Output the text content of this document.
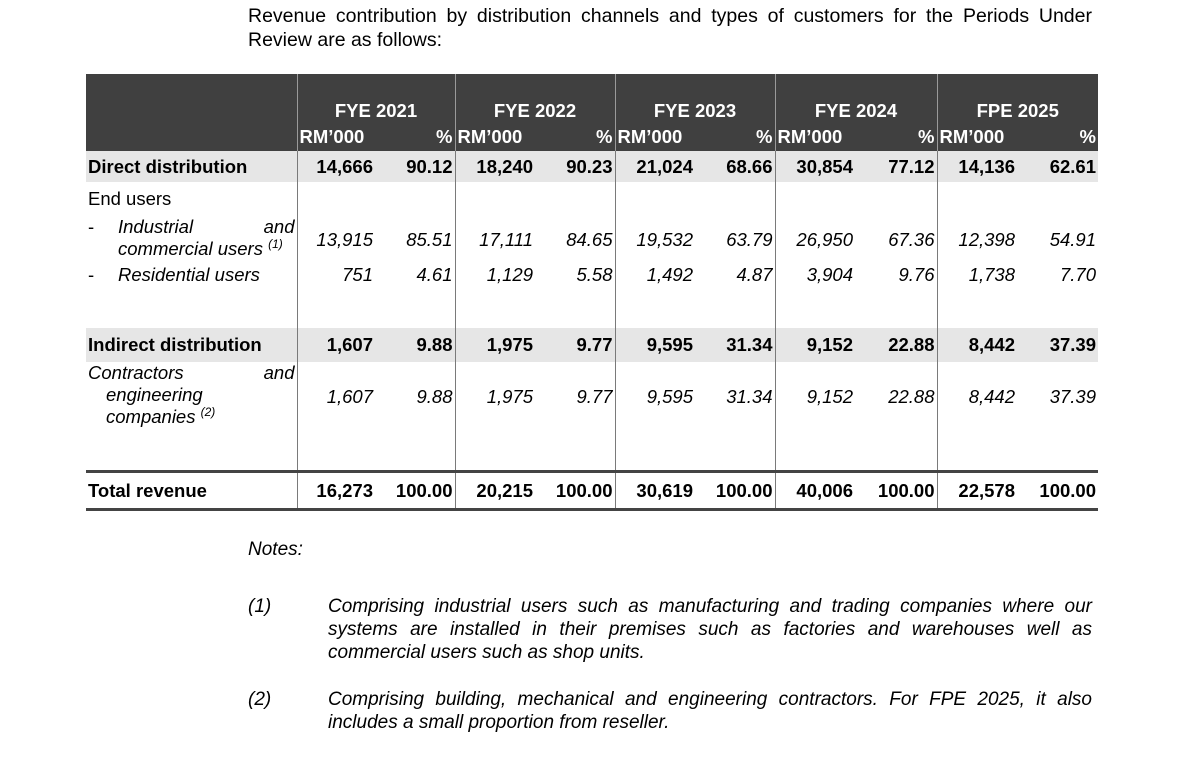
Revenue contribution by distribution channels and types of customers for the Periods Under Review are as follows:

	FYE 2021		FYE 2022		FYE 2023		FYE 2024		FPE 2025	
	RM’000	%	RM’000	%	RM’000	%	RM’000	%	RM’000	%
Direct distribution	14,666	90.12	18,240	90.23	21,024	68.66	30,854	77.12	14,136	62.61
End users										

- Industrial and
commercial users $^{(1)}$	13,915	85.51	17,111	84.65	19,532	63.79	26,950	67.36	12,398	54.91

- Residential users	751	4.61	1,129	5.58	1,492	4.87	3,904	9.76	1,738	7.70

Indirect distribution	1,607	9.88	1,975	9.77	9,595	31.34	9,152	22.88	8,442	37.39

Contractors and
engineering
companies $^{(2)}$	1,607	9.88	1,975	9.77	9,595	31.34	9,152	22.88	8,442	37.39
Total revenue	16,273	100.00	20,215	100.00	30,619	100.00	40,006	100.00	22,578	100.00

Notes:

(1)	Comprising industrial users such as manufacturing and trading companies where our systems are installed in their premises such as factories and warehouses well as commercial users such as shop units.
(2)	Comprising building, mechanical and engineering contractors. For FPE 2025, it also includes a small proportion from reseller.
